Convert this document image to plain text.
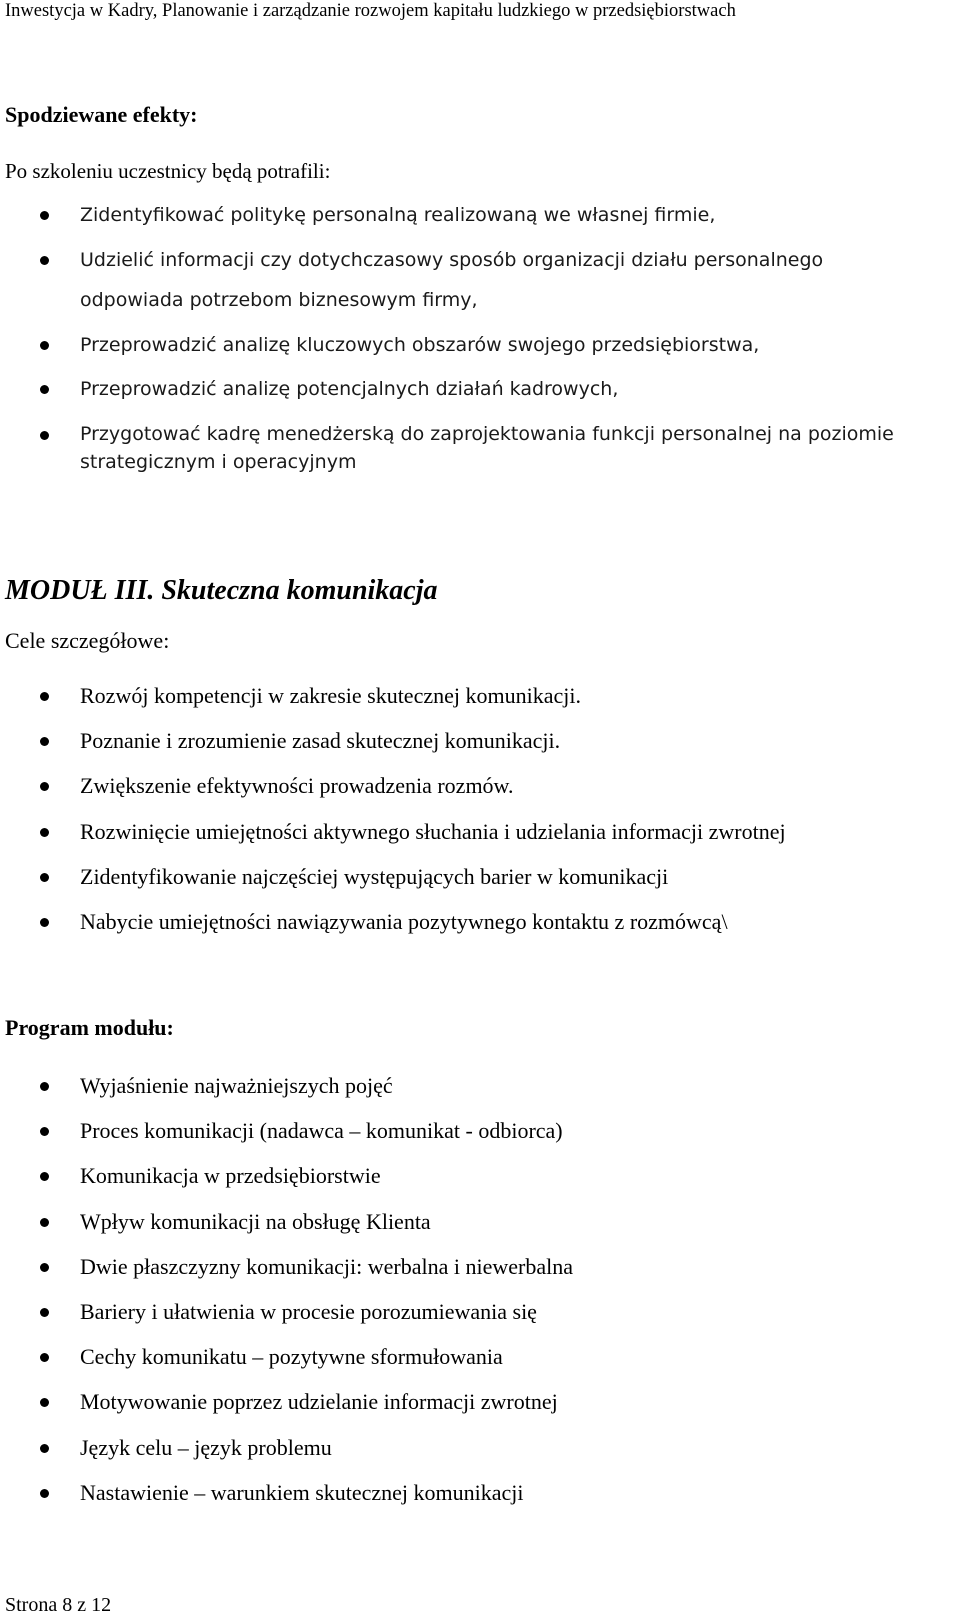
Inwestycja w Kadry, Planowanie i zarządzanie rozwojem kapitału ludzkiego w przedsiębiorstwach
Spodziewane efekty:
Po szkoleniu uczestnicy będą potrafili:
Zidentyfikować politykę personalną realizowaną we własnej firmie,
Udzielić informacji czy dotychczasowy sposób organizacji działu personalnego
odpowiada potrzebom biznesowym firmy,
Przeprowadzić analizę kluczowych obszarów swojego przedsiębiorstwa,
Przeprowadzić analizę potencjalnych działań kadrowych,
Przygotować kadrę menedżerską do zaprojektowania funkcji personalnej na poziomie
strategicznym i operacyjnym
MODUŁ III. Skuteczna komunikacja
Cele szczegółowe:
Rozwój kompetencji w zakresie skutecznej komunikacji.
Poznanie i zrozumienie zasad skutecznej komunikacji.
Zwiększenie efektywności prowadzenia rozmów.
Rozwinięcie umiejętności aktywnego słuchania i udzielania informacji zwrotnej
Zidentyfikowanie najczęściej występujących barier w komunikacji
Nabycie umiejętności nawiązywania pozytywnego kontaktu z rozmówcą\
Program modułu:
Wyjaśnienie najważniejszych pojęć
Proces komunikacji (nadawca – komunikat - odbiorca)
Komunikacja w przedsiębiorstwie
Wpływ komunikacji na obsługę Klienta
Dwie płaszczyzny komunikacji: werbalna i niewerbalna
Bariery i ułatwienia w procesie porozumiewania się
Cechy komunikatu – pozytywne sformułowania
Motywowanie poprzez udzielanie informacji zwrotnej
Język celu – język problemu
Nastawienie – warunkiem skutecznej komunikacji
Strona 8 z 12
